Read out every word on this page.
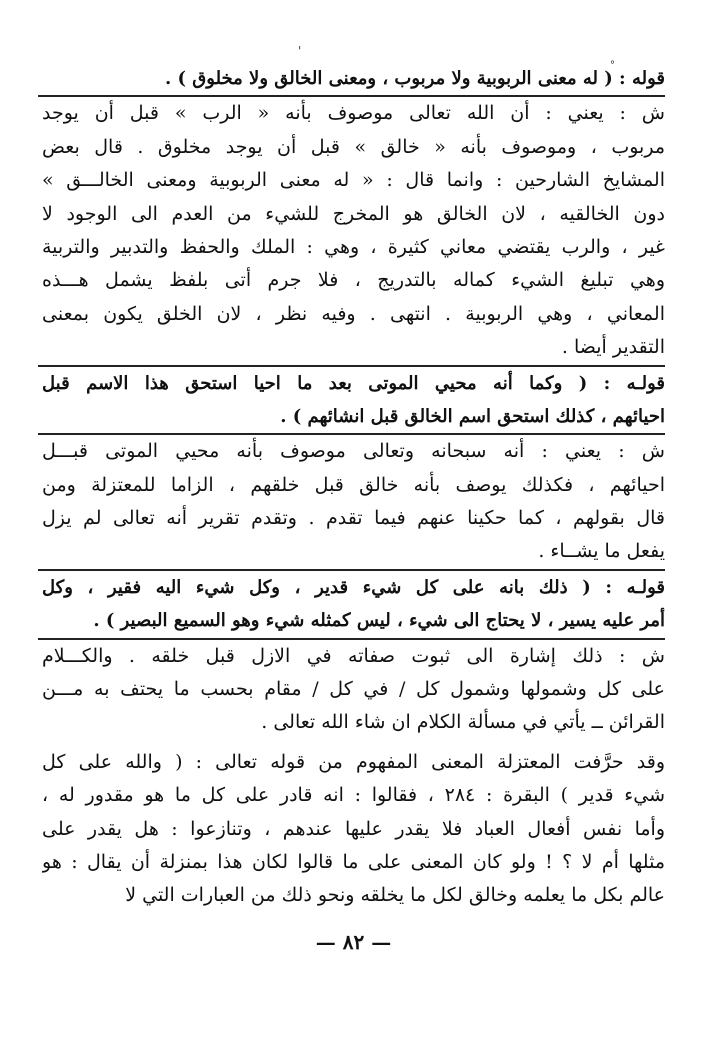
'
°
قوله : ( له معنى الربوبية ولا مربوب ، ومعنى الخالق ولا مخلوق ) .
ش : يعني : أن الله تعالى موصوف بأنه « الرب » قبل أن يوجد
مربوب ، وموصوف بأنه « خالق » قبل أن يوجد مخلوق . قال بعض
المشايخ الشارحين : وانما قال : « له معنى الربوبية ومعنى الخالـــق »
دون الخالقيه ، لان الخالق هو المخرج للشيء من العدم الى الوجود لا
غير ، والرب يقتضي معاني كثيرة ، وهي : الملك والحفظ والتدبير والتربية
وهي تبليغ الشيء كماله بالتدريج ، فلا جرم أتى بلفظ يشمل هـــذه
المعاني ، وهي الربوبية . انتهى . وفيه نظر ، لان الخلق يكون بمعنى
التقدير أيضا .
قولـه : ( وكما أنه محيي الموتى بعد ما احيا استحق هذا الاسم قبل
احيائهم ، كذلك استحق اسم الخالق قبل انشائهم ) .
ش : يعني : أنه سبحانه وتعالى موصوف بأنه محيي الموتى قبـــل
احيائهم ، فكذلك يوصف بأنه خالق قبل خلقهم ، الزاما للمعتزلة ومن
قال بقولهم ، كما حكينا عنهم فيما تقدم . وتقدم تقرير أنه تعالى لم يزل
يفعل ما يشــاء .
قولـه : ( ذلك بانه على كل شيء قدير ، وكل شيء اليه فقير ، وكل
أمر عليه يسير ، لا يحتاج الى شيء ، ليس كمثله شيء وهو السميع البصير ) .
ش : ذلك إشارة الى ثبوت صفاته في الازل قبل خلقه . والكـــلام
على كل وشمولها وشمول كل / في كل / مقام بحسب ما يحتف به مـــن
القرائن ــ يأتي في مسألة الكلام ان شاء الله تعالى .
وقد حرَّفت المعتزلة المعنى المفهوم من قوله تعالى : ( والله على كل
شيء قدير ) البقرة : ٢٨٤ ، فقالوا : انه قادر على كل ما هو مقدور له ،
وأما نفس أفعال العباد فلا يقدر عليها عندهم ، وتنازعوا : هل يقدر على
مثلها أم لا ؟ ! ولو كان المعنى على ما قالوا لكان هذا بمنزلة أن يقال : هو
عالم بكل ما يعلمه وخالق لكل ما يخلقه ونحو ذلك من العبارات التي لا
— ٨٢ —
